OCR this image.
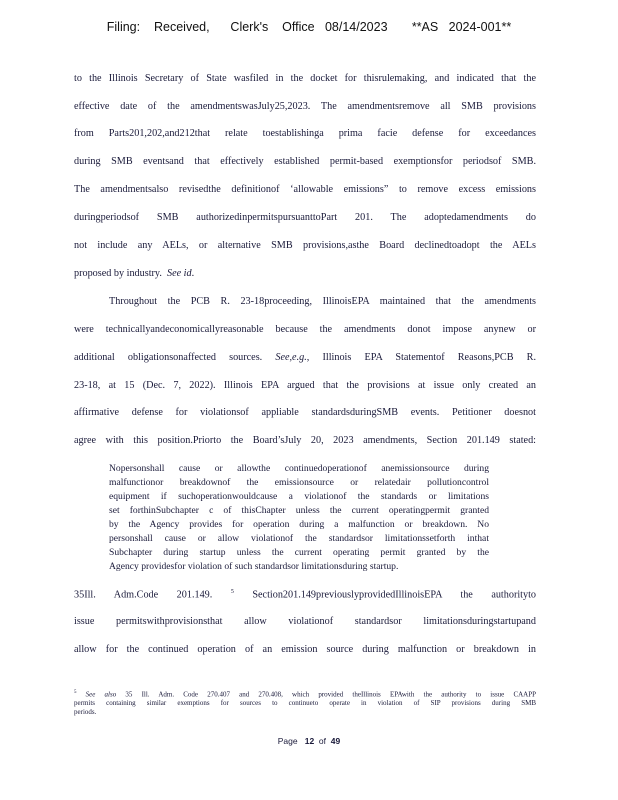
Filing:    Received,      Clerk's    Office   08/14/2023       **AS   2024-001**
to the Illinois Secretary of State wasfiled in the docket for thisrulemaking, and indicated that the
effective date of the amendmentswasJuly25,2023. The amendmentsremove all SMB provisions
from Parts201,202,and212that relate toestablishinga prima facie defense for exceedances
during SMB eventsand that effectively established permit-based exemptionsfor periodsof SMB.
The amendmentsalso revisedthe definitionof ‘allowable emissions” to remove excess emissions
duringperiodsof SMB authorizedinpermitspursuanttoPart 201. The adoptedamendments do
not include any AELs, or alternative SMB provisions,asthe Board declinedtoadopt the AELs
proposed by industry. See id.
Throughout the PCB R. 23-18proceeding, IllinoisEPA maintained that the amendments
were technicallyandeconomicallyreasonable because the amendments donot impose anynew or
additional obligationsonaffected sources. See,e.g., Illinois EPA Statementof Reasons,PCB R.
23-18, at 15 (Dec. 7, 2022). Illinois EPA argued that the provisions at issue only created an
affirmative defense for violationsof appliable standardsduringSMB events. Petitioner doesnot
agree with this position.Priorto the Board’sJuly 20, 2023 amendments, Section 201.149 stated:
Nopersonshall cause or allowthe continuedoperationof anemissionsource during
malfunctionor breakdownof the emissionsource or relatedair pollutioncontrol
equipment if suchoperationwouldcause a violationof the standards or limitations
set forthinSubchapter c of thisChapter unless the current operatingpermit granted
by the Agency provides for operation during a malfunction or breakdown. No
personshall cause or allow violationof the standardsor limitationssetforth inthat
Subchapter during startup unless the current operating permit granted by the
Agency providesfor violation of such standardsor limitationsduring startup.
35Ill. Adm.Code 201.149.	$^5$ Section201.149previouslyprovidedIllinoisEPA the authorityto
issue permitswithprovisionsthat allow violationof standardsor limitationsduringstartupand
allow for the continued operation of an emission source during malfunction or breakdown in
$^5$ See also 35 Ill. Adm. Code 270.407 and 270.408, which provided theIllinois EPAwith the authority to issue CAAPP
permits containing similar exemptions for sources to continueto operate in violation of SIP provisions during SMB
periods.
Page 12 of 49
